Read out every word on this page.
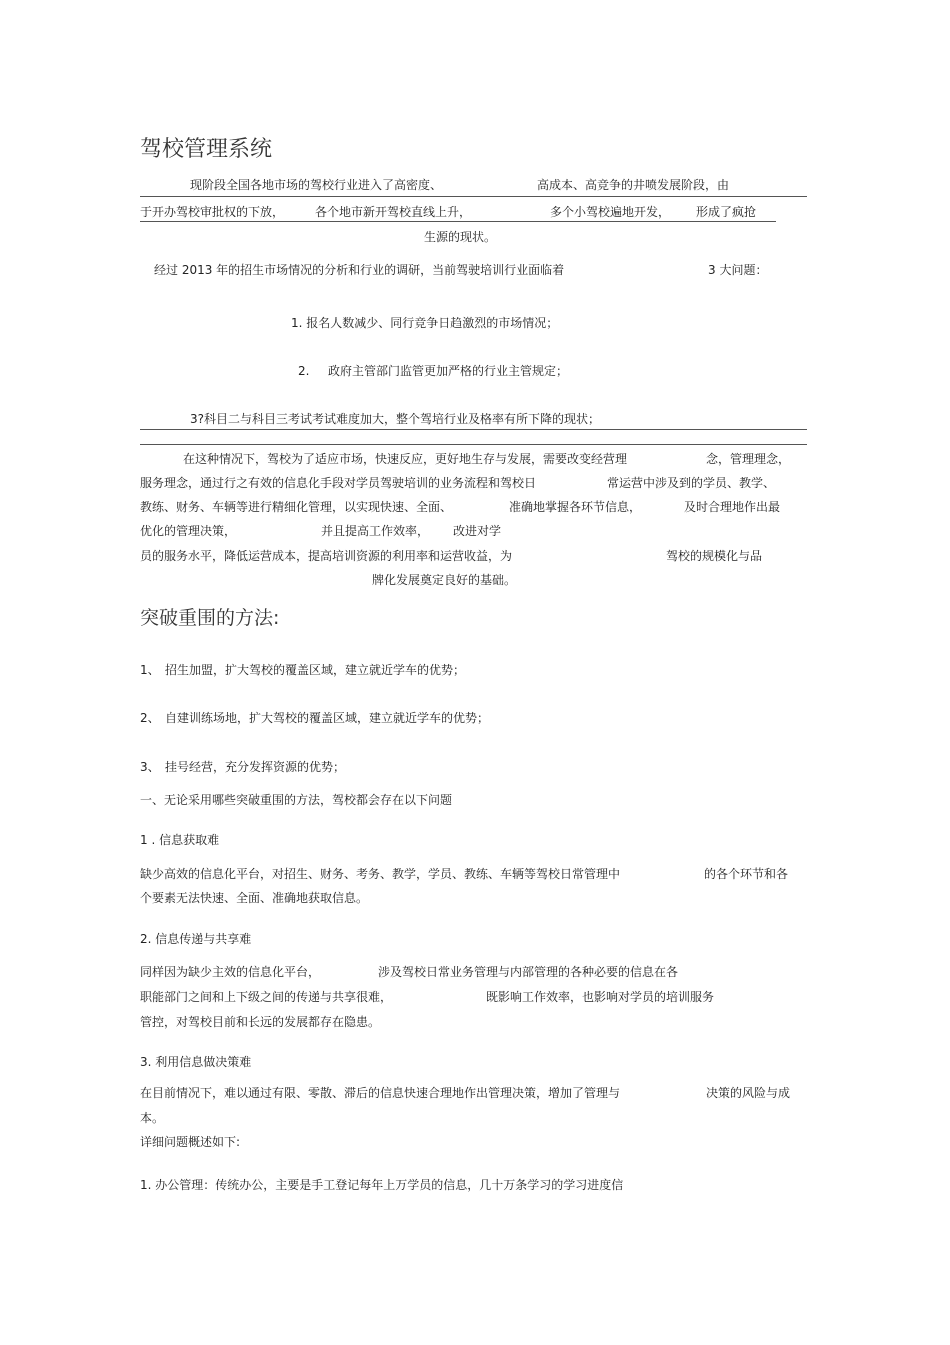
驾校管理系统
现阶段全国各地市场的驾校行业进入了高密度、	高成本、高竞争的井喷发展阶段，由
于开办驾校审批权的下放，	各个地市新开驾校直线上升，	多个小驾校遍地开发， 形成了疯抢
生源的现状。
经过 2013 年的招生市场情况的分析和行业的调研，当前驾驶培训行业面临着	3 大问题：
1. 报名人数减少、同行竞争日趋激烈的市场情况；
2. 政府主管部门监管更加严格的行业主管规定；
3?科目二与科目三考试考试难度加大，整个驾培行业及格率有所下降的现状；
在这种情况下，驾校为了适应市场，快速反应，更好地生存与发展，需要改变经营理	念，管理理念，
服务理念，通过行之有效的信息化手段对学员驾驶培训的业务流程和驾校日	常运营中涉及到的学员、教学、
教练、财务、车辆等进行精细化管理，以实现快速、全面、	准确地掌握各环节信息，	及时合理地作出最
优化的管理决策，	并且提高工作效率， 改进对学
员的服务水平，降低运营成本，提高培训资源的利用率和运营收益，为	驾校的规模化与品
牌化发展奠定良好的基础。
突破重围的方法:
1、 招生加盟，扩大驾校的覆盖区域，建立就近学车的优势；
2、 自建训练场地，扩大驾校的覆盖区域，建立就近学车的优势；
3、 挂号经营，充分发挥资源的优势；
一、无论采用哪些突破重围的方法，驾校都会存在以下问题
1 . 信息获取难
缺少高效的信息化平台，对招生、财务、考务、教学，学员、教练、车辆等驾校日常管理中	的各个环节和各
个要素无法快速、全面、准确地获取信息。
2. 信息传递与共享难
同样因为缺少主效的信息化平台，	涉及驾校日常业务管理与内部管理的各种必要的信息在各
职能部门之间和上下级之间的传递与共享很难，	既影响工作效率，也影响对学员的培训服务
管控，对驾校目前和长远的发展都存在隐患。
3. 利用信息做决策难
在目前情况下，难以通过有限、零散、滞后的信息快速合理地作出管理决策，增加了管理与	决策的风险与成
本。
详细问题概述如下:
1. 办公管理：传统办公，主要是手工登记每年上万学员的信息，几十万条学习的学习进度信
